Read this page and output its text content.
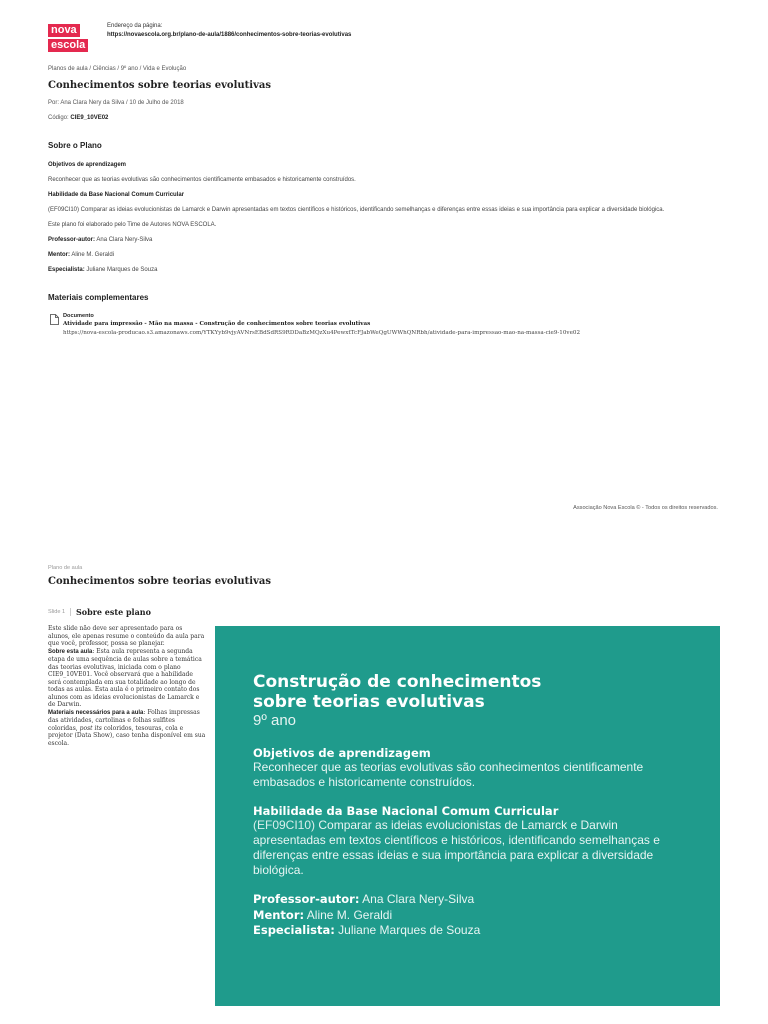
nova
escola
Endereço da página:
https://novaescola.org.br/plano-de-aula/1886/conhecimentos-sobre-teorias-evolutivas
Planos de aula / Ciências / 9º ano / Vida e Evolução
Conhecimentos sobre teorias evolutivas
Por: Ana Clara Nery da Silva / 10 de Julho de 2018
Código: CIE9_10VE02
Sobre o Plano
Objetivos de aprendizagem
Reconhecer que as teorias evolutivas são conhecimentos cientificamente embasados e historicamente construídos.
Habilidade da Base Nacional Comum Curricular
(EF09CI10) Comparar as ideias evolucionistas de Lamarck e Darwin apresentadas em textos científicos e históricos, identificando semelhanças e diferenças entre essas ideias e sua importância para explicar a diversidade biológica.
Este plano foi elaborado pelo Time de Autores NOVA ESCOLA.
Professor-autor: Ana Clara Nery-Silva
Mentor: Aline M. Geraldi
Especialista: Juliane Marques de Souza
Materiais complementares
Documento
Atividade para impressão - Mão na massa - Construção de conhecimentos sobre teorias evolutivas
https://nova-escola-producao.s3.amazonaws.com/YTKYyb9vjyAVNrsEBdSdRS9RDDaBzMQzXu4PewxtTcFJabWeQgUWWhQNRbh/atividade-para-impressao-mao-na-massa-cie9-10ve02
Associação Nova Escola © - Todos os direitos reservados.
Plano de aula
Conhecimentos sobre teorias evolutivas
Slide 1 Sobre este plano
Este slide não deve ser apresentado para os alunos, ele apenas resume o conteúdo da aula para que você, professor, possa se planejar.
Sobre esta aula: Esta aula representa a segunda etapa de uma sequência de aulas sobre a temática das teorias evolutivas, iniciada com o plano CIE9_10VE01. Você observará que a habilidade será contemplada em sua totalidade ao longo de todas as aulas. Esta aula é o primeiro contato dos alunos com as ideias evolucionistas de Lamarck e de Darwin.
Materiais necessários para a aula: Folhas impressas das atividades, cartolinas e folhas sulfites coloridas, post its coloridos, tesouras, cola e projetor (Data Show), caso tenha disponível em sua escola.
Construção de conhecimentos sobre teorias evolutivas
9º ano
Objetivos de aprendizagem
Reconhecer que as teorias evolutivas são conhecimentos cientificamente embasados e historicamente construídos.
Habilidade da Base Nacional Comum Curricular
(EF09CI10) Comparar as ideias evolucionistas de Lamarck e Darwin apresentadas em textos científicos e históricos, identificando semelhanças e diferenças entre essas ideias e sua importância para explicar a diversidade biológica.
Professor-autor: Ana Clara Nery-Silva
Mentor: Aline M. Geraldi
Especialista: Juliane Marques de Souza
